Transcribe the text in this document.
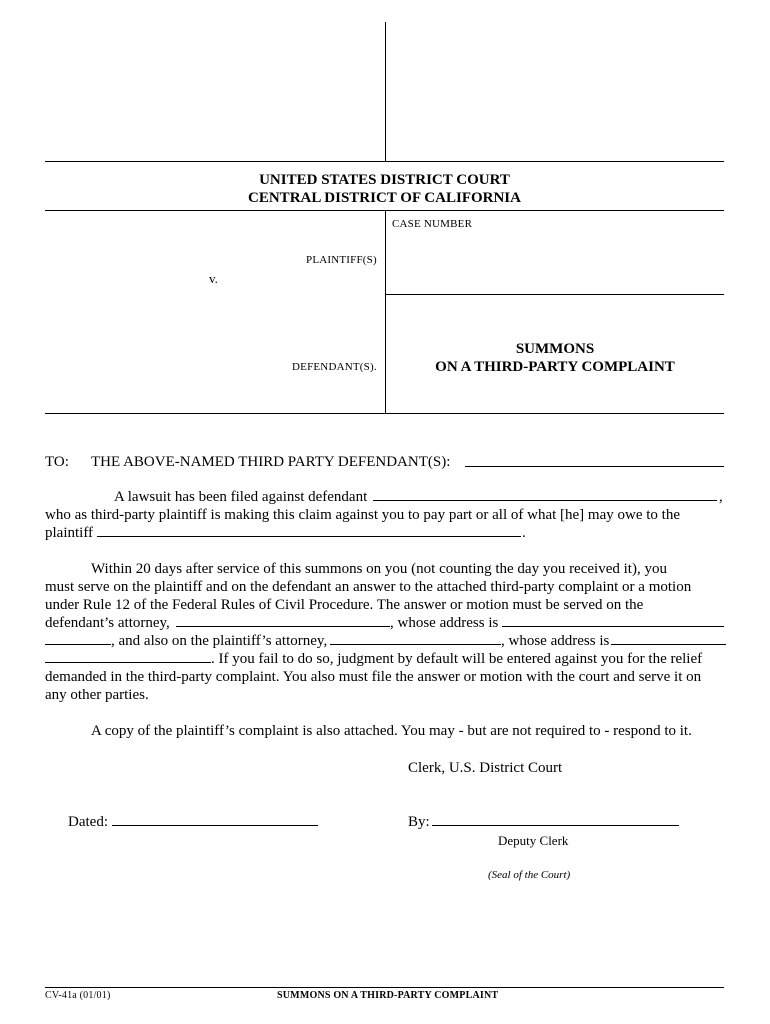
UNITED STATES DISTRICT COURT
CENTRAL DISTRICT OF CALIFORNIA
CASE NUMBER
PLAINTIFF(S)
v.
SUMMONS
ON A THIRD-PARTY COMPLAINT
DEFENDANT(S).
TO: THE ABOVE-NAMED THIRD PARTY DEFENDANT(S):
A lawsuit has been filed against defendant	,
who as third-party plaintiff is making this claim against you to pay part or all of what [he] may owe to the
plaintiff	.
Within 20 days after service of this summons on you (not counting the day you received it), you
must serve on the plaintiff and on the defendant an answer to the attached third-party complaint or a motion
under Rule 12 of the Federal Rules of Civil Procedure. The answer or motion must be served on the
defendant’s attorney,	, whose address is
, and also on the plaintiff’s attorney,	, whose address is
. If you fail to do so, judgment by default will be entered against you for the relief
demanded in the third-party complaint. You also must file the answer or motion with the court and serve it on
any other parties.
A copy of the plaintiff’s complaint is also attached. You may - but are not required to - respond to it.
Clerk, U.S. District Court
Dated:	By:
Deputy Clerk
(Seal of the Court)
CV-41a (01/01)	SUMMONS ON A THIRD-PARTY COMPLAINT
